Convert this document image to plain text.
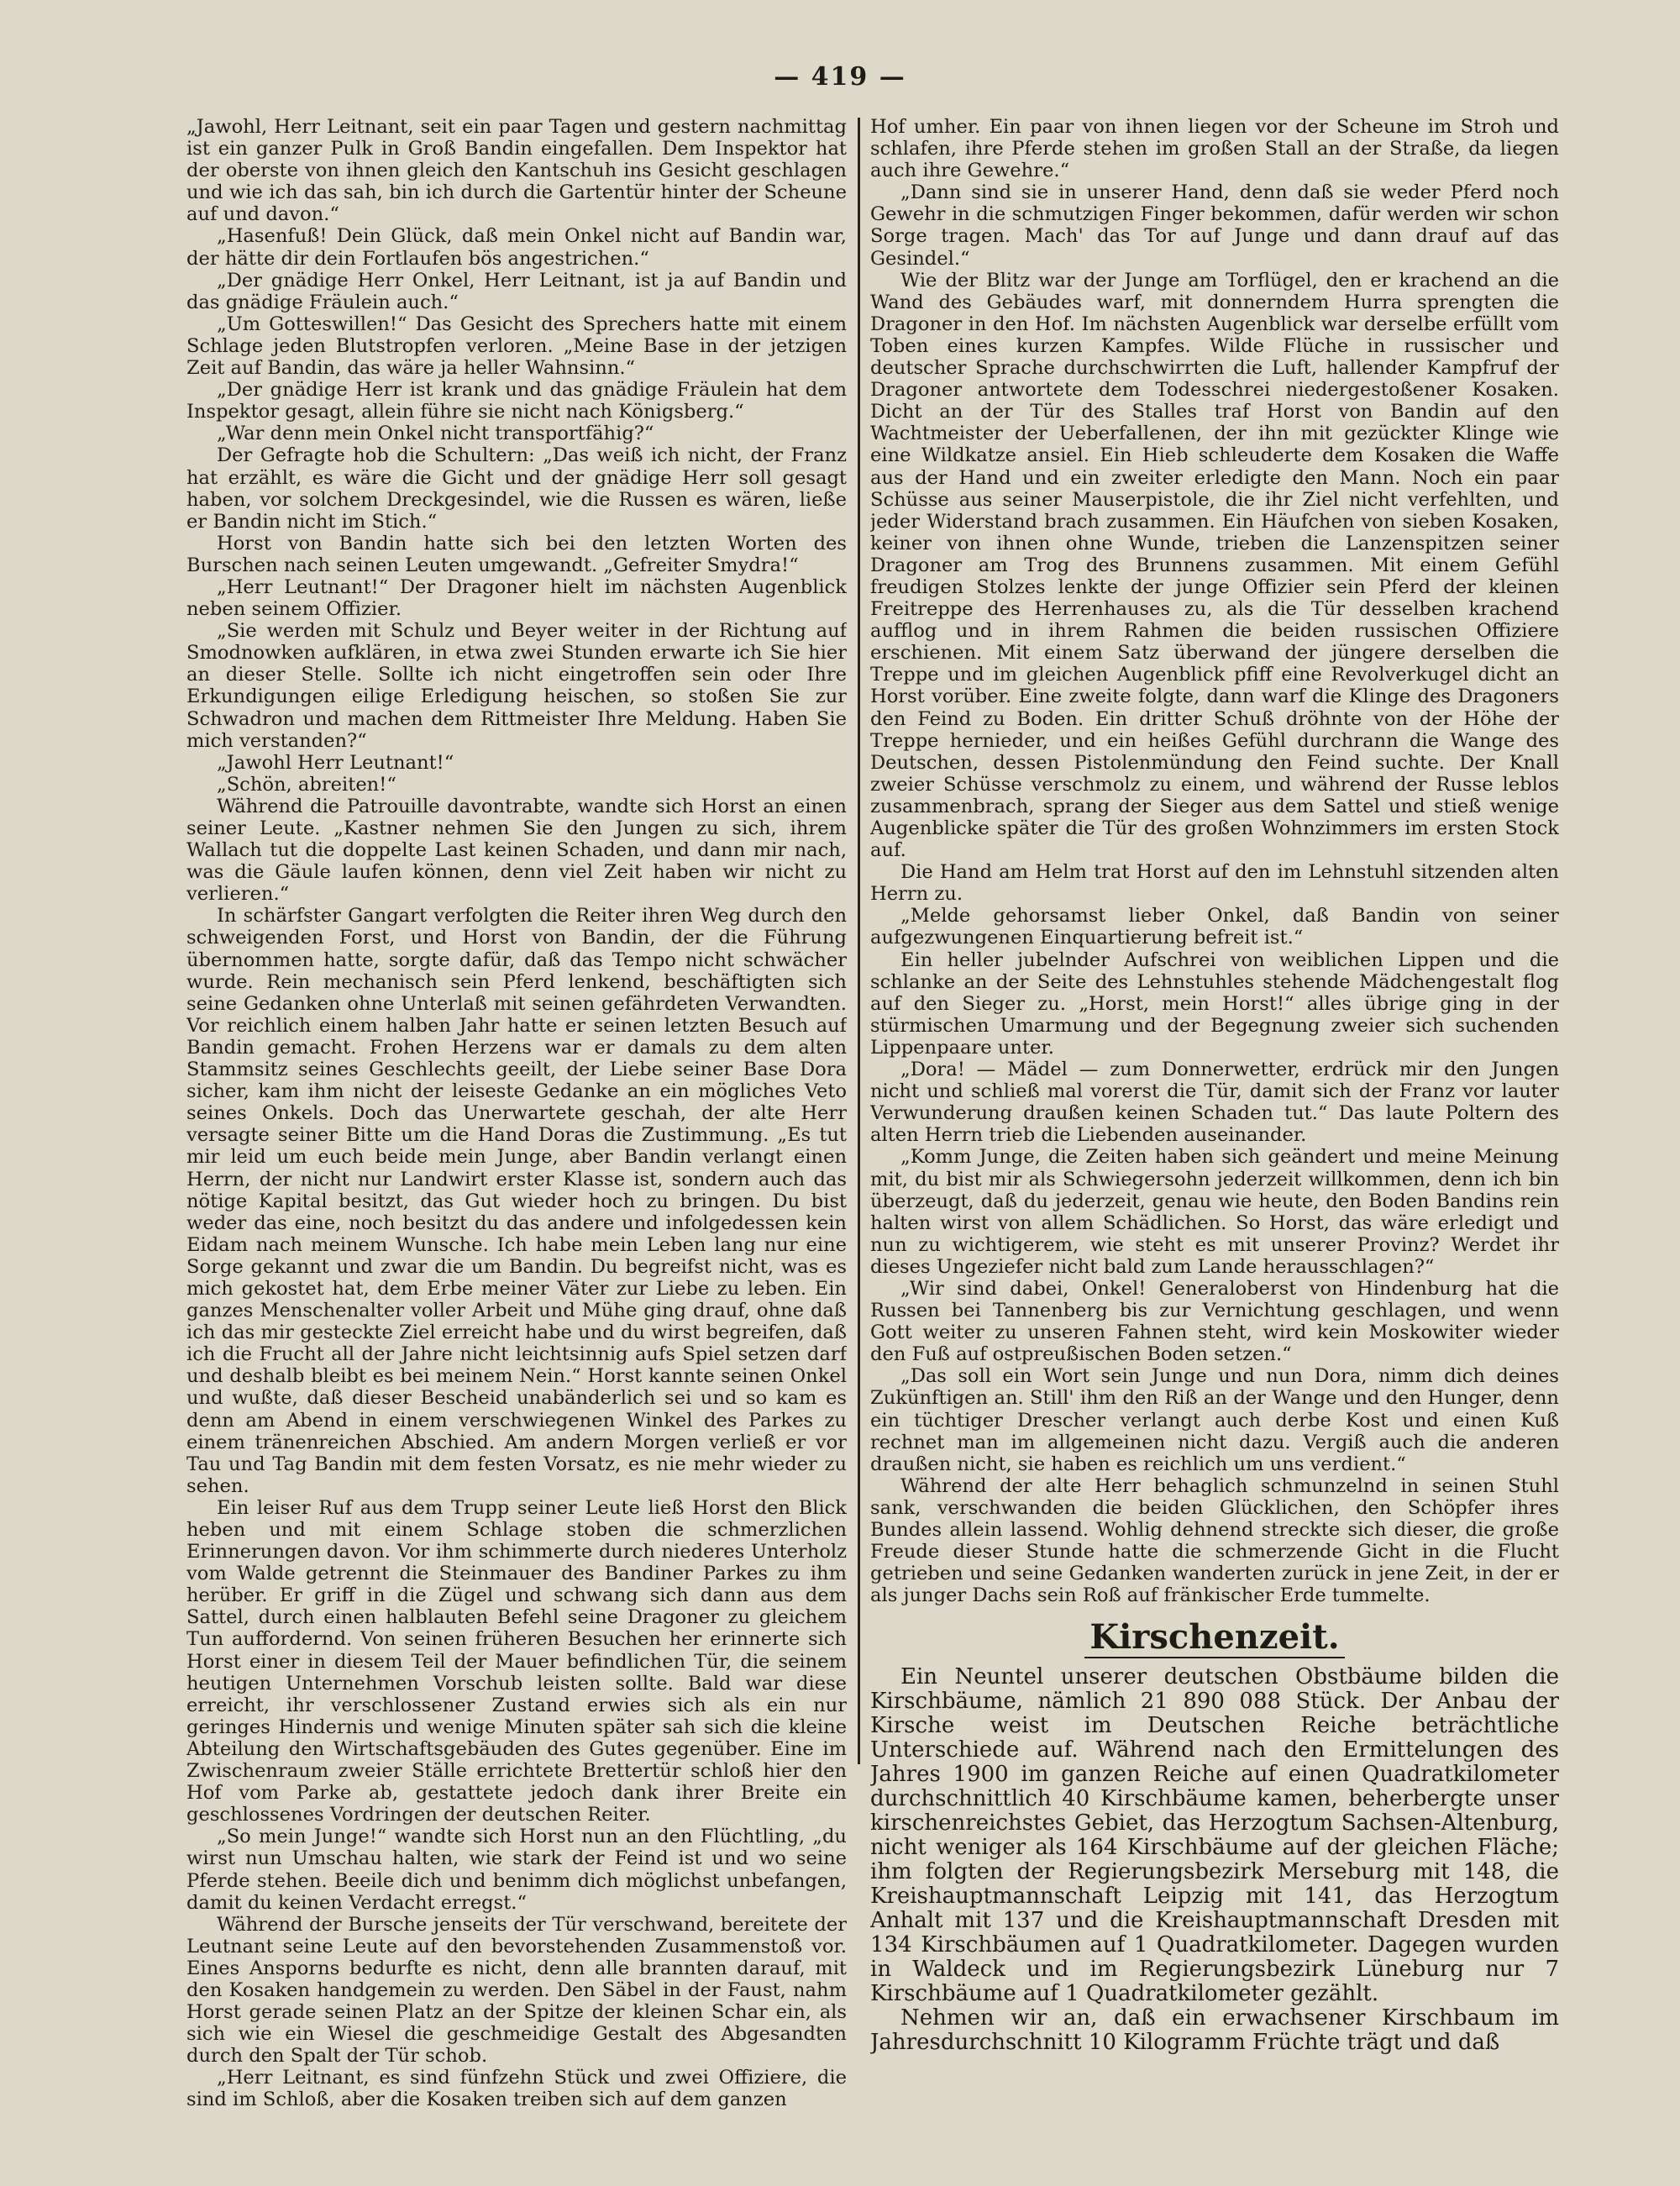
— 419 —

„Jawohl, Herr Leitnant, seit ein paar Tagen und gestern nachmittag ist ein ganzer Pulk in Groß Bandin eingefallen. Dem Inspektor hat der oberste von ihnen gleich den Kantschuh ins Gesicht geschlagen und wie ich das sah, bin ich durch die Gartentür hinter der Scheune auf und davon.“

„Hasenfuß! Dein Glück, daß mein Onkel nicht auf Bandin war, der hätte dir dein Fortlaufen bös angestrichen.“

„Der gnädige Herr Onkel, Herr Leitnant, ist ja auf Bandin und das gnädige Fräulein auch.“

„Um Gotteswillen!“ Das Gesicht des Sprechers hatte mit einem Schlage jeden Blutstropfen verloren. „Meine Base in der jetzigen Zeit auf Bandin, das wäre ja heller Wahnsinn.“

„Der gnädige Herr ist krank und das gnädige Fräulein hat dem Inspektor gesagt, allein führe sie nicht nach Königsberg.“

„War denn mein Onkel nicht transportfähig?“

Der Gefragte hob die Schultern: „Das weiß ich nicht, der Franz hat erzählt, es wäre die Gicht und der gnädige Herr soll gesagt haben, vor solchem Dreckgesindel, wie die Russen es wären, ließe er Bandin nicht im Stich.“

Horst von Bandin hatte sich bei den letzten Worten des Burschen nach seinen Leuten umgewandt. „Gefreiter Smydra!“

„Herr Leutnant!“ Der Dragoner hielt im nächsten Augenblick neben seinem Offizier.

„Sie werden mit Schulz und Beyer weiter in der Richtung auf Smodnowken aufklären, in etwa zwei Stunden erwarte ich Sie hier an dieser Stelle. Sollte ich nicht eingetroffen sein oder Ihre Erkundigungen eilige Erledigung heischen, so stoßen Sie zur Schwadron und machen dem Rittmeister Ihre Meldung. Haben Sie mich verstanden?“

„Jawohl Herr Leutnant!“

„Schön, abreiten!“

Während die Patrouille davontrabte, wandte sich Horst an einen seiner Leute. „Kastner nehmen Sie den Jungen zu sich, ihrem Wallach tut die doppelte Last keinen Schaden, und dann mir nach, was die Gäule laufen können, denn viel Zeit haben wir nicht zu verlieren.“

In schärfster Gangart verfolgten die Reiter ihren Weg durch den schweigenden Forst, und Horst von Bandin, der die Führung übernommen hatte, sorgte dafür, daß das Tempo nicht schwächer wurde. Rein mechanisch sein Pferd lenkend, beschäftigten sich seine Gedanken ohne Unterlaß mit seinen gefährdeten Verwandten. Vor reichlich einem halben Jahr hatte er seinen letzten Besuch auf Bandin gemacht. Frohen Herzens war er damals zu dem alten Stammsitz seines Geschlechts geeilt, der Liebe seiner Base Dora sicher, kam ihm nicht der leiseste Gedanke an ein mögliches Veto seines Onkels. Doch das Unerwartete geschah, der alte Herr versagte seiner Bitte um die Hand Doras die Zustimmung. „Es tut mir leid um euch beide mein Junge, aber Bandin verlangt einen Herrn, der nicht nur Landwirt erster Klasse ist, sondern auch das nötige Kapital besitzt, das Gut wieder hoch zu bringen. Du bist weder das eine, noch besitzt du das andere und infolgedessen kein Eidam nach meinem Wunsche. Ich habe mein Leben lang nur eine Sorge gekannt und zwar die um Bandin. Du begreifst nicht, was es mich gekostet hat, dem Erbe meiner Väter zur Liebe zu leben. Ein ganzes Menschenalter voller Arbeit und Mühe ging drauf, ohne daß ich das mir gesteckte Ziel erreicht habe und du wirst begreifen, daß ich die Frucht all der Jahre nicht leichtsinnig aufs Spiel setzen darf und deshalb bleibt es bei meinem Nein.“ Horst kannte seinen Onkel und wußte, daß dieser Bescheid unabänderlich sei und so kam es denn am Abend in einem verschwiegenen Winkel des Parkes zu einem tränenreichen Abschied. Am andern Morgen verließ er vor Tau und Tag Bandin mit dem festen Vorsatz, es nie mehr wieder zu sehen.

Ein leiser Ruf aus dem Trupp seiner Leute ließ Horst den Blick heben und mit einem Schlage stoben die schmerzlichen Erinnerungen davon. Vor ihm schimmerte durch niederes Unterholz vom Walde getrennt die Steinmauer des Bandiner Parkes zu ihm herüber. Er griff in die Zügel und schwang sich dann aus dem Sattel, durch einen halblauten Befehl seine Dragoner zu gleichem Tun auffordernd. Von seinen früheren Besuchen her erinnerte sich Horst einer in diesem Teil der Mauer befindlichen Tür, die seinem heutigen Unternehmen Vorschub leisten sollte. Bald war diese erreicht, ihr verschlossener Zustand erwies sich als ein nur geringes Hindernis und wenige Minuten später sah sich die kleine Abteilung den Wirtschaftsgebäuden des Gutes gegenüber. Eine im Zwischenraum zweier Ställe errichtete Brettertür schloß hier den Hof vom Parke ab, gestattete jedoch dank ihrer Breite ein geschlossenes Vordringen der deutschen Reiter.

„So mein Junge!“ wandte sich Horst nun an den Flüchtling, „du wirst nun Umschau halten, wie stark der Feind ist und wo seine Pferde stehen. Beeile dich und benimm dich möglichst unbefangen, damit du keinen Verdacht erregst.“

Während der Bursche jenseits der Tür verschwand, bereitete der Leutnant seine Leute auf den bevorstehenden Zusammenstoß vor. Eines Ansporns bedurfte es nicht, denn alle brannten darauf, mit den Kosaken handgemein zu werden. Den Säbel in der Faust, nahm Horst gerade seinen Platz an der Spitze der kleinen Schar ein, als sich wie ein Wiesel die geschmeidige Gestalt des Abgesandten durch den Spalt der Tür schob.

„Herr Leitnant, es sind fünfzehn Stück und zwei Offiziere, die sind im Schloß, aber die Kosaken treiben sich auf dem ganzen

Hof umher. Ein paar von ihnen liegen vor der Scheune im Stroh und schlafen, ihre Pferde stehen im großen Stall an der Straße, da liegen auch ihre Gewehre.“

„Dann sind sie in unserer Hand, denn daß sie weder Pferd noch Gewehr in die schmutzigen Finger bekommen, dafür werden wir schon Sorge tragen. Mach' das Tor auf Junge und dann drauf auf das Gesindel.“

Wie der Blitz war der Junge am Torflügel, den er krachend an die Wand des Gebäudes warf, mit donnerndem Hurra sprengten die Dragoner in den Hof. Im nächsten Augenblick war derselbe erfüllt vom Toben eines kurzen Kampfes. Wilde Flüche in russischer und deutscher Sprache durchschwirrten die Luft, hallender Kampfruf der Dragoner antwortete dem Todesschrei niedergestoßener Kosaken. Dicht an der Tür des Stalles traf Horst von Bandin auf den Wachtmeister der Ueberfallenen, der ihn mit gezückter Klinge wie eine Wildkatze ansiel. Ein Hieb schleuderte dem Kosaken die Waffe aus der Hand und ein zweiter erledigte den Mann. Noch ein paar Schüsse aus seiner Mauserpistole, die ihr Ziel nicht verfehlten, und jeder Widerstand brach zusammen. Ein Häufchen von sieben Kosaken, keiner von ihnen ohne Wunde, trieben die Lanzenspitzen seiner Dragoner am Trog des Brunnens zusammen. Mit einem Gefühl freudigen Stolzes lenkte der junge Offizier sein Pferd der kleinen Freitreppe des Herrenhauses zu, als die Tür desselben krachend aufflog und in ihrem Rahmen die beiden russischen Offiziere erschienen. Mit einem Satz überwand der jüngere derselben die Treppe und im gleichen Augenblick pfiff eine Revolverkugel dicht an Horst vorüber. Eine zweite folgte, dann warf die Klinge des Dragoners den Feind zu Boden. Ein dritter Schuß dröhnte von der Höhe der Treppe hernieder, und ein heißes Gefühl durchrann die Wange des Deutschen, dessen Pistolenmündung den Feind suchte. Der Knall zweier Schüsse verschmolz zu einem, und während der Russe leblos zusammenbrach, sprang der Sieger aus dem Sattel und stieß wenige Augenblicke später die Tür des großen Wohnzimmers im ersten Stock auf.

Die Hand am Helm trat Horst auf den im Lehnstuhl sitzenden alten Herrn zu.

„Melde gehorsamst lieber Onkel, daß Bandin von seiner aufgezwungenen Einquartierung befreit ist.“

Ein heller jubelnder Aufschrei von weiblichen Lippen und die schlanke an der Seite des Lehnstuhles stehende Mädchengestalt flog auf den Sieger zu. „Horst, mein Horst!“ alles übrige ging in der stürmischen Umarmung und der Begegnung zweier sich suchenden Lippenpaare unter.

„Dora! — Mädel — zum Donnerwetter, erdrück mir den Jungen nicht und schließ mal vorerst die Tür, damit sich der Franz vor lauter Verwunderung draußen keinen Schaden tut.“ Das laute Poltern des alten Herrn trieb die Liebenden auseinander.

„Komm Junge, die Zeiten haben sich geändert und meine Meinung mit, du bist mir als Schwiegersohn jederzeit willkommen, denn ich bin überzeugt, daß du jederzeit, genau wie heute, den Boden Bandins rein halten wirst von allem Schädlichen. So Horst, das wäre erledigt und nun zu wichtigerem, wie steht es mit unserer Provinz? Werdet ihr dieses Ungeziefer nicht bald zum Lande herausschlagen?“

„Wir sind dabei, Onkel! Generaloberst von Hindenburg hat die Russen bei Tannenberg bis zur Vernichtung geschlagen, und wenn Gott weiter zu unseren Fahnen steht, wird kein Moskowiter wieder den Fuß auf ostpreußischen Boden setzen.“

„Das soll ein Wort sein Junge und nun Dora, nimm dich deines Zukünftigen an. Still' ihm den Riß an der Wange und den Hunger, denn ein tüchtiger Drescher verlangt auch derbe Kost und einen Kuß rechnet man im allgemeinen nicht dazu. Vergiß auch die anderen draußen nicht, sie haben es reichlich um uns verdient.“

Während der alte Herr behaglich schmunzelnd in seinen Stuhl sank, verschwanden die beiden Glücklichen, den Schöpfer ihres Bundes allein lassend. Wohlig dehnend streckte sich dieser, die große Freude dieser Stunde hatte die schmerzende Gicht in die Flucht getrieben und seine Gedanken wanderten zurück in jene Zeit, in der er als junger Dachs sein Roß auf fränkischer Erde tummelte.

Kirschenzeit.

Ein Neuntel unserer deutschen Obstbäume bilden die Kirschbäume, nämlich 21 890 088 Stück. Der Anbau der Kirsche weist im Deutschen Reiche beträchtliche Unterschiede auf. Während nach den Ermittelungen des Jahres 1900 im ganzen Reiche auf einen Quadratkilometer durchschnittlich 40 Kirschbäume kamen, beherbergte unser kirschenreichstes Gebiet, das Herzogtum Sachsen-Altenburg, nicht weniger als 164 Kirschbäume auf der gleichen Fläche; ihm folgten der Regierungsbezirk Merseburg mit 148, die Kreishauptmannschaft Leipzig mit 141, das Herzogtum Anhalt mit 137 und die Kreishauptmannschaft Dresden mit 134 Kirschbäumen auf 1 Quadratkilometer. Dagegen wurden in Waldeck und im Regierungsbezirk Lüneburg nur 7 Kirschbäume auf 1 Quadratkilometer gezählt.

Nehmen wir an, daß ein erwachsener Kirschbaum im Jahresdurchschnitt 10 Kilogramm Früchte trägt und daß
